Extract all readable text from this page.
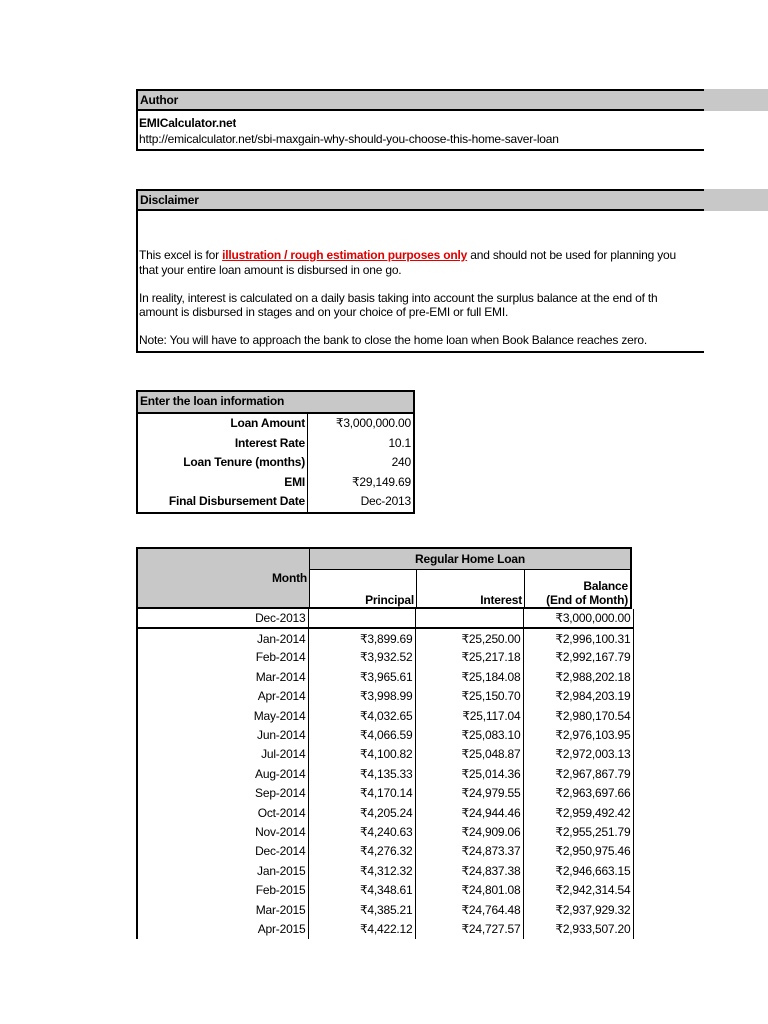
Author
EMICalculator.net
http://emicalculator.net/sbi-maxgain-why-should-you-choose-this-home-saver-loan
Disclaimer
This excel is for illustration / rough estimation purposes only and should not be used for planning you
that your entire loan amount is disbursed in one go.
In reality, interest is calculated on a daily basis taking into account the surplus balance at the end of th
amount is disbursed in stages and on your choice of pre-EMI or full EMI.
Note: You will have to approach the bank to close the home loan when Book Balance reaches zero.
Enter the loan information
Loan Amount	₹3,000,000.00
Interest Rate	10.1
Loan Tenure (months)	240
EMI	₹29,149.69
Final Disbursement Date	Dec-2013
Month
Regular Home Loan
Principal	Interest
Balance
(End of Month)
Dec-2013			₹3,000,000.00
Jan-2014	₹3,899.69	₹25,250.00	₹2,996,100.31
Feb-2014	₹3,932.52	₹25,217.18	₹2,992,167.79
Mar-2014	₹3,965.61	₹25,184.08	₹2,988,202.18
Apr-2014	₹3,998.99	₹25,150.70	₹2,984,203.19
May-2014	₹4,032.65	₹25,117.04	₹2,980,170.54
Jun-2014	₹4,066.59	₹25,083.10	₹2,976,103.95
Jul-2014	₹4,100.82	₹25,048.87	₹2,972,003.13
Aug-2014	₹4,135.33	₹25,014.36	₹2,967,867.79
Sep-2014	₹4,170.14	₹24,979.55	₹2,963,697.66
Oct-2014	₹4,205.24	₹24,944.46	₹2,959,492.42
Nov-2014	₹4,240.63	₹24,909.06	₹2,955,251.79
Dec-2014	₹4,276.32	₹24,873.37	₹2,950,975.46
Jan-2015	₹4,312.32	₹24,837.38	₹2,946,663.15
Feb-2015	₹4,348.61	₹24,801.08	₹2,942,314.54
Mar-2015	₹4,385.21	₹24,764.48	₹2,937,929.32
Apr-2015	₹4,422.12	₹24,727.57	₹2,933,507.20
